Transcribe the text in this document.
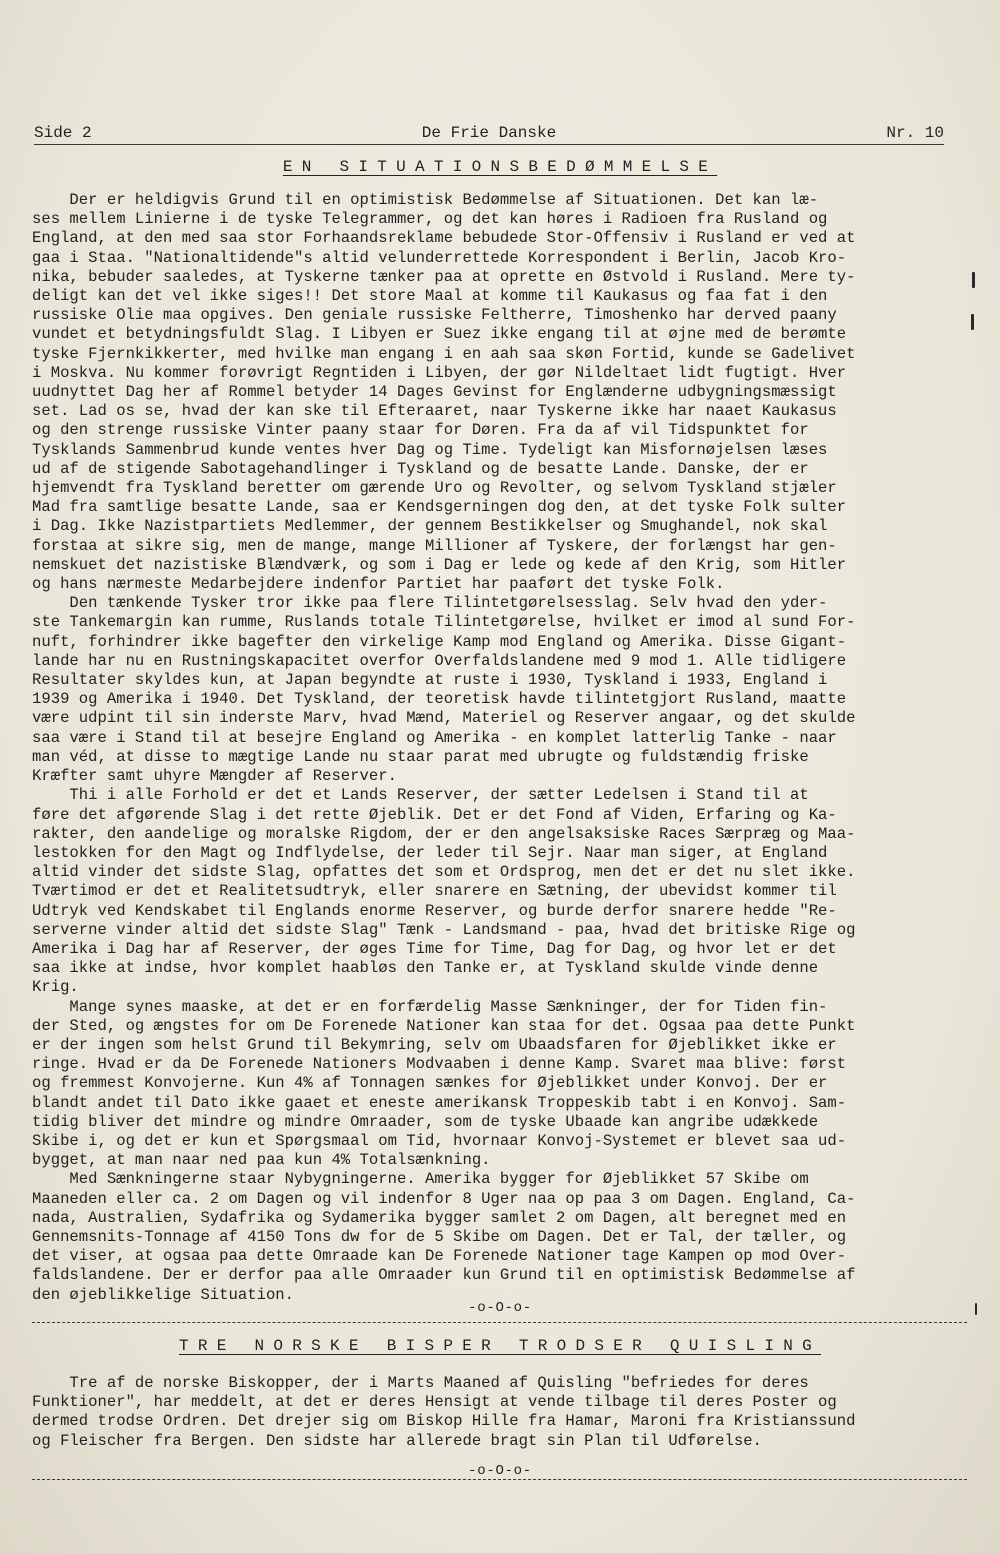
Side 2	De Frie Danske	Nr. 10
EN SITUATIONSBEDØMMELSE

Der er heldigvis Grund til en optimistisk Bedømmelse af Situationen. Det kan læ-

ses mellem Linierne i de tyske Telegrammer, og det kan høres i Radioen fra Rusland og

England, at den med saa stor Forhaandsreklame bebudede Stor-Offensiv i Rusland er ved at

gaa i Staa. "Nationaltidende"s altid velunderrettede Korrespondent i Berlin, Jacob Kro-

nika, bebuder saaledes, at Tyskerne tænker paa at oprette en Østvold i Rusland. Mere ty-

deligt kan det vel ikke siges!! Det store Maal at komme til Kaukasus og faa fat i den

russiske Olie maa opgives. Den geniale russiske Feltherre, Timoshenko har derved paany

vundet et betydningsfuldt Slag. I Libyen er Suez ikke engang til at øjne med de berømte

tyske Fjernkikkerter, med hvilke man engang i en aah saa skøn Fortid, kunde se Gadelivet

i Moskva. Nu kommer forøvrigt Regntiden i Libyen, der gør Nildeltaet lidt fugtigt. Hver

uudnyttet Dag her af Rommel betyder 14 Dages Gevinst for Englænderne udbygningsmæssigt

set. Lad os se, hvad der kan ske til Efteraaret, naar Tyskerne ikke har naaet Kaukasus

og den strenge russiske Vinter paany staar for Døren. Fra da af vil Tidspunktet for

Tysklands Sammenbrud kunde ventes hver Dag og Time. Tydeligt kan Misfornøjelsen læses

ud af de stigende Sabotagehandlinger i Tyskland og de besatte Lande. Danske, der er

hjemvendt fra Tyskland beretter om gærende Uro og Revolter, og selvom Tyskland stjæler

Mad fra samtlige besatte Lande, saa er Kendsgerningen dog den, at det tyske Folk sulter

i Dag. Ikke Nazistpartiets Medlemmer, der gennem Bestikkelser og Smughandel, nok skal

forstaa at sikre sig, men de mange, mange Millioner af Tyskere, der forlængst har gen-

nemskuet det nazistiske Blændværk, og som i Dag er lede og kede af den Krig, som Hitler

og hans nærmeste Medarbejdere indenfor Partiet har paaført det tyske Folk.

Den tænkende Tysker tror ikke paa flere Tilintetgørelsesslag. Selv hvad den yder-

ste Tankemargin kan rumme, Ruslands totale Tilintetgørelse, hvilket er imod al sund For-

nuft, forhindrer ikke bagefter den virkelige Kamp mod England og Amerika. Disse Gigant-

lande har nu en Rustningskapacitet overfor Overfaldslandene med 9 mod 1. Alle tidligere

Resultater skyldes kun, at Japan begyndte at ruste i 1930, Tyskland i 1933, England i

1939 og Amerika i 1940. Det Tyskland, der teoretisk havde tilintetgjort Rusland, maatte

være udpint til sin inderste Marv, hvad Mænd, Materiel og Reserver angaar, og det skulde

saa være i Stand til at besejre England og Amerika - en komplet latterlig Tanke - naar

man véd, at disse to mægtige Lande nu staar parat med ubrugte og fuldstændig friske

Kræfter samt uhyre Mængder af Reserver.

Thi i alle Forhold er det et Lands Reserver, der sætter Ledelsen i Stand til at

føre det afgørende Slag i det rette Øjeblik. Det er det Fond af Viden, Erfaring og Ka-

rakter, den aandelige og moralske Rigdom, der er den angelsaksiske Races Særpræg og Maa-

lestokken for den Magt og Indflydelse, der leder til Sejr. Naar man siger, at England

altid vinder det sidste Slag, opfattes det som et Ordsprog, men det er det nu slet ikke.

Tværtimod er det et Realitetsudtryk, eller snarere en Sætning, der ubevidst kommer til

Udtryk ved Kendskabet til Englands enorme Reserver, og burde derfor snarere hedde "Re-

serverne vinder altid det sidste Slag" Tænk - Landsmand - paa, hvad det britiske Rige og

Amerika i Dag har af Reserver, der øges Time for Time, Dag for Dag, og hvor let er det

saa ikke at indse, hvor komplet haabløs den Tanke er, at Tyskland skulde vinde denne

Krig.

Mange synes maaske, at det er en forfærdelig Masse Sænkninger, der for Tiden fin-

der Sted, og ængstes for om De Forenede Nationer kan staa for det. Ogsaa paa dette Punkt

er der ingen som helst Grund til Bekymring, selv om Ubaadsfaren for Øjeblikket ikke er

ringe. Hvad er da De Forenede Nationers Modvaaben i denne Kamp. Svaret maa blive: først

og fremmest Konvojerne. Kun 4% af Tonnagen sænkes for Øjeblikket under Konvoj. Der er

blandt andet til Dato ikke gaaet et eneste amerikansk Troppeskib tabt i en Konvoj. Sam-

tidig bliver det mindre og mindre Omraader, som de tyske Ubaade kan angribe udækkede

Skibe i, og det er kun et Spørgsmaal om Tid, hvornaar Konvoj-Systemet er blevet saa ud-

bygget, at man naar ned paa kun 4% Totalsænkning.

Med Sænkningerne staar Nybygningerne. Amerika bygger for Øjeblikket 57 Skibe om

Maaneden eller ca. 2 om Dagen og vil indenfor 8 Uger naa op paa 3 om Dagen. England, Ca-

nada, Australien, Sydafrika og Sydamerika bygger samlet 2 om Dagen, alt beregnet med en

Gennemsnits-Tonnage af 4150 Tons dw for de 5 Skibe om Dagen. Det er Tal, der tæller, og

det viser, at ogsaa paa dette Omraade kan De Forenede Nationer tage Kampen op mod Over-

faldslandene. Der er derfor paa alle Omraader kun Grund til en optimistisk Bedømmelse af

den øjeblikkelige Situation.

-o-O-o-
TRE NORSKE BISPER TRODSER QUISLING

Tre af de norske Biskopper, der i Marts Maaned af Quisling "befriedes for deres

Funktioner", har meddelt, at det er deres Hensigt at vende tilbage til deres Poster og

dermed trodse Ordren. Det drejer sig om Biskop Hille fra Hamar, Maroni fra Kristianssund

og Fleischer fra Bergen. Den sidste har allerede bragt sin Plan til Udførelse.

-o-O-o-
